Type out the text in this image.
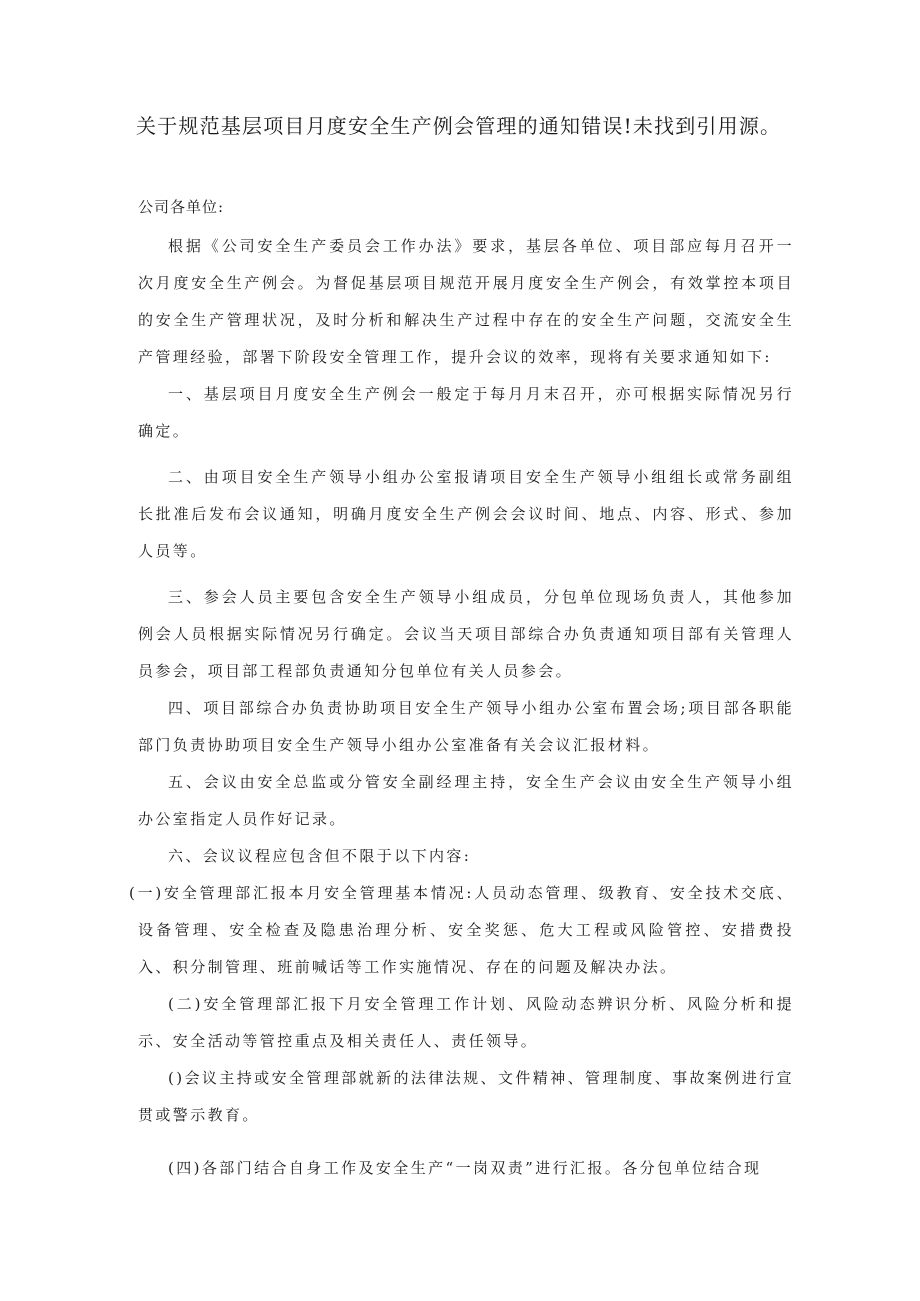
关于规范基层项目月度安全生产例会管理的通知错误!未找到引用源。
公司各单位:

根据《公司安全生产委员会工作办法》要求，基层各单位、项目部应每月召开一次月度安全生产例会。为督促基层项目规范开展月度安全生产例会，有效掌控本项目的安全生产管理状况，及时分析和解决生产过程中存在的安全生产问题，交流安全生产管理经验，部署下阶段安全管理工作，提升会议的效率，现将有关要求通知如下:

一、基层项目月度安全生产例会一般定于每月月末召开，亦可根据实际情况另行确定。

二、由项目安全生产领导小组办公室报请项目安全生产领导小组组长或常务副组长批准后发布会议通知，明确月度安全生产例会会议时间、地点、内容、形式、参加人员等。

三、参会人员主要包含安全生产领导小组成员，分包单位现场负责人，其他参加例会人员根据实际情况另行确定。会议当天项目部综合办负责通知项目部有关管理人员参会，项目部工程部负责通知分包单位有关人员参会。

四、项目部综合办负责协助项目安全生产领导小组办公室布置会场;项目部各职能部门负责协助项目安全生产领导小组办公室准备有关会议汇报材料。

五、会议由安全总监或分管安全副经理主持，安全生产会议由安全生产领导小组办公室指定人员作好记录。

六、会议议程应包含但不限于以下内容:

(一)安全管理部汇报本月安全管理基本情况:人员动态管理、级教育、安全技术交底、设备管理、安全检查及隐患治理分析、安全奖惩、危大工程或风险管控、安措费投入、积分制管理、班前喊话等工作实施情况、存在的问题及解决办法。

(二)安全管理部汇报下月安全管理工作计划、风险动态辨识分析、风险分析和提示、安全活动等管控重点及相关责任人、责任领导。

()会议主持或安全管理部就新的法律法规、文件精神、管理制度、事故案例进行宣贯或警示教育。

(四)各部门结合自身工作及安全生产“一岗双责”进行汇报。各分包单位结合现
